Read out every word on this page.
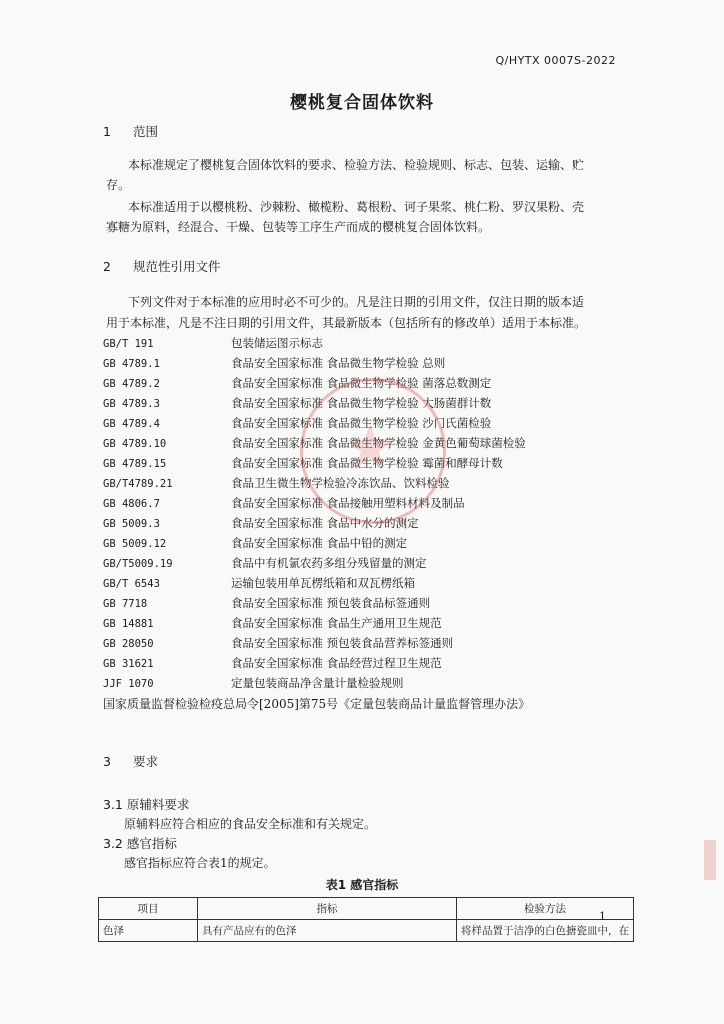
Q/HYTX 0007S-2022
樱桃复合固体饮料
1 范围
本标准规定了樱桃复合固体饮料的要求、检验方法、检验规则、标志、包装、运输、贮
存。
本标准适用于以樱桃粉、沙棘粉、橄榄粉、葛根粉、诃子果浆、桃仁粉、罗汉果粉、壳
寡糖为原料，经混合、干燥、包装等工序生产而成的樱桃复合固体饮料。
2 规范性引用文件
下列文件对于本标准的应用时必不可少的。凡是注日期的引用文件，仅注日期的版本适
用于本标准，凡是不注日期的引用文件，其最新版本（包括所有的修改单）适用于本标准。
GB/T 191	包装储运图示标志
GB 4789.1	食品安全国家标准 食品微生物学检验 总则
GB 4789.2	食品安全国家标准 食品微生物学检验 菌落总数测定
GB 4789.3	食品安全国家标准 食品微生物学检验 大肠菌群计数
GB 4789.4	食品安全国家标准 食品微生物学检验 沙门氏菌检验
GB 4789.10	食品安全国家标准 食品微生物学检验 金黄色葡萄球菌检验
GB 4789.15	食品安全国家标准 食品微生物学检验 霉菌和酵母计数
GB/T4789.21	食品卫生微生物学检验冷冻饮品、饮料检验
GB 4806.7	食品安全国家标准 食品接触用塑料材料及制品
GB 5009.3	食品安全国家标准 食品中水分的测定
GB 5009.12	食品安全国家标准 食品中铅的测定
GB/T5009.19	食品中有机氯农药多组分残留量的测定
GB/T 6543	运输包装用单瓦楞纸箱和双瓦楞纸箱
GB 7718	食品安全国家标准 预包装食品标签通则
GB 14881	食品安全国家标准 食品生产通用卫生规范
GB 28050	食品安全国家标准 预包装食品营养标签通则
GB 31621	食品安全国家标准 食品经营过程卫生规范
JJF 1070	定量包装商品净含量计量检验规则
国家质量监督检验检疫总局令[2005]第75号《定量包装商品计量监督管理办法》
3 要求
3.1 原辅料要求
原辅料应符合相应的食品安全标准和有关规定。
3.2 感官指标
感官指标应符合表1的规定。
表1 感官指标
项目	指标	检验方法
色泽	具有产品应有的色泽	将样品置于洁净的白色搪瓷皿中，在
1
